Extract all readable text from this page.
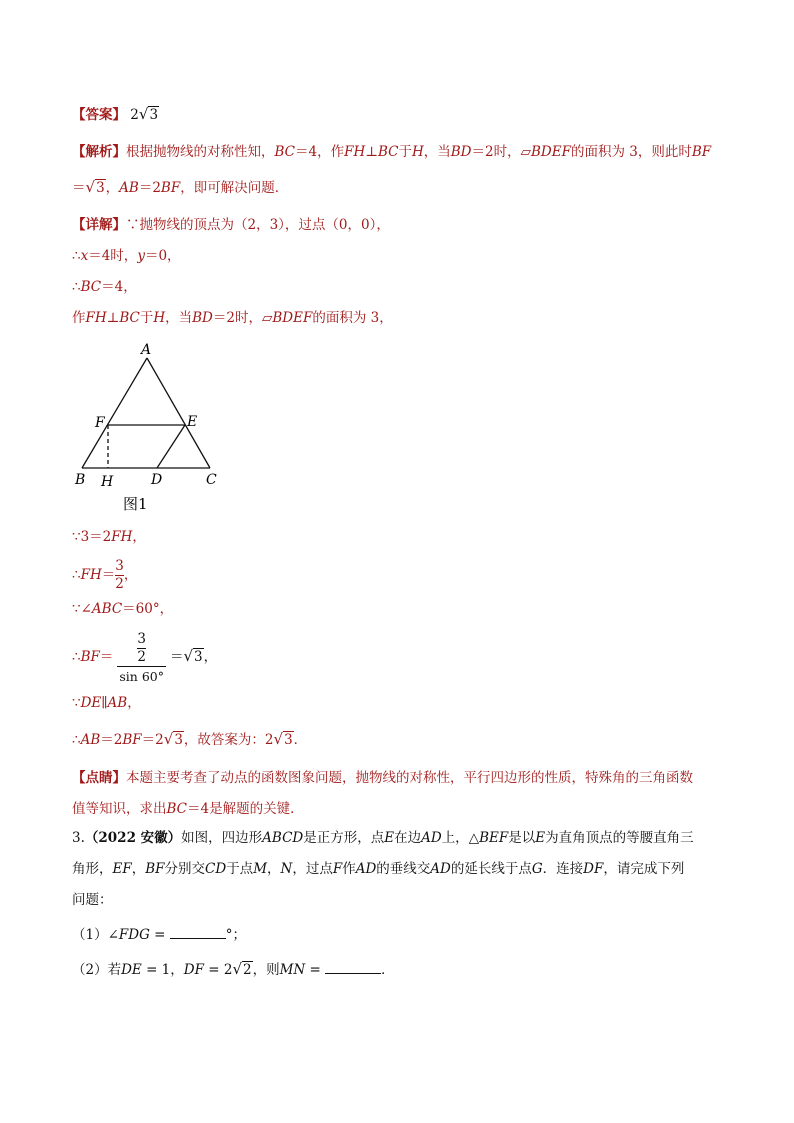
【答案】 2√3
【解析】根据抛物线的对称性知，BC＝4，作FH⊥BC于H，当BD＝2时，▱BDEF的面积为 3，则此时BF
＝√3，AB＝2BF，即可解决问题．
【详解】∵抛物线的顶点为（2，3），过点（0，0），
∴x＝4时，y＝0，
∴BC＝4，
作FH⊥BC于H，当BD＝2时，▱BDEF的面积为 3，
A
F	E
B H	D	C
图1
∵3＝2FH，
∴FH＝ $\frac{3}{2}$ ，
∵∠ABC＝60°，
∴BF＝ $\frac{\frac{3}{2}}{\sin 60^\circ} =√3$，
∵DE∥AB，
∴AB＝2BF＝2√3，故答案为：2√3．
【点睛】本题主要考查了动点的函数图象问题，抛物线的对称性，平行四边形的性质，特殊角的三角函数
值等知识，求出BC＝4是解题的关键．
3.（2022 安徽）如图，四边形ABCD是正方形，点E在边AD上，△BEF是以E为直角顶点的等腰直角三
角形，EF，BF分别交CD于点M，N，过点F作AD的垂线交AD的延长线于点G．连接DF，请完成下列
问题：
（1）∠FDG =	°；
（2）若DE = 1，DF = 2√2，则MN =	．
